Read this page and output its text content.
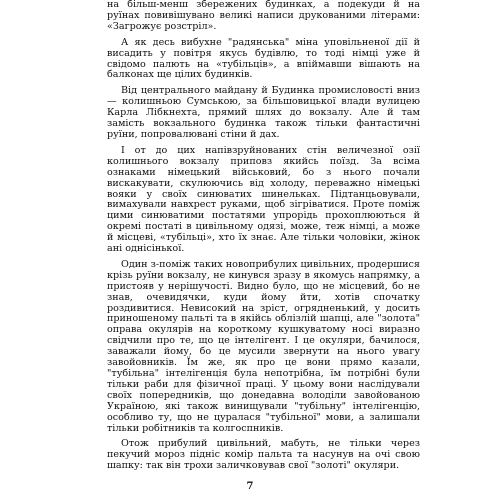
на більш-менш збережених будинках, а подекуди й на руїнах повивішувано великі написи друкованими літерами: «Загрожує розстріл».

А як десь вибухне "радянська" міна уповільненої дії й висадить у повітря якусь будівлю, то тоді німці уже й свідомо палють на «тубільців», а впіймавши вішають на балконах ще цілих будинків.

Від центрального майдану й Будинка промисловості вниз — колишньою Сумською, за більшовицької влади вулицею Карла Лібкнехта, прямий шлях до вокзалу. Але й там замість вокзального будинка також тільки фантастичні руїни, попровалювані стіни й дах.

І от до цих напівзруйнованих стін величезної озії колишнього вокзалу приповз якийсь поїзд. За всіма ознаками німецький військовий, бо з нього почали вискакувати, скулюючись від холоду, переважно німецькі вояки у своїх синюватих шинельках. Підтанцьовували, вимахували навхрест руками, щоб зігрiватися. Проте поміж цими синюватими постатями упрорідь прохоплюються й окремі постаті в цивільному одязі, може, теж німці, а може й місцеві, «тубільці», хто їх знає. Але тільки чоловіки, жінок ані однісінької.

Один з-поміж таких новоприбулих цивільних, продершися крізь руїни вокзалу, не кинувся зразу в якомусь напрямку, а пристояв у нерішучості. Видно було, що не місцевий, бо не знав, очевидячки, куди йому йти, хотів спочатку роздивитися. Невисокий на зріст, огрядненький, у досить приношеному пальті та в якійсь облізлій шапці, але "золота" оправа окулярів на короткому кушкуватому носі виразно свідчили про те, що це інтелігент. І це окуляри, бачилося, заважали йому, бо це мусили звернути на нього увагу завойовників. Їм же, як про це вони прямо казали, "тубільна" інтелігенція була непотрібна, їм потрібні були тільки раби для фізичної праці. У цьому вони наслідували своїх попередників, що донедавна володіли завойованою Україною, які також винищували "тубільну" інтелігенцію, особливо ту, що не цуралася "тубільної" мови, а залишали тільки робітників та колгоспників.

Отож прибулий цивільний, мабуть, не тільки через пекучий мороз підніс комір пальта та насунув на очі свою шапку: так він трохи заличковував свої "золоті" окуляри.

7
